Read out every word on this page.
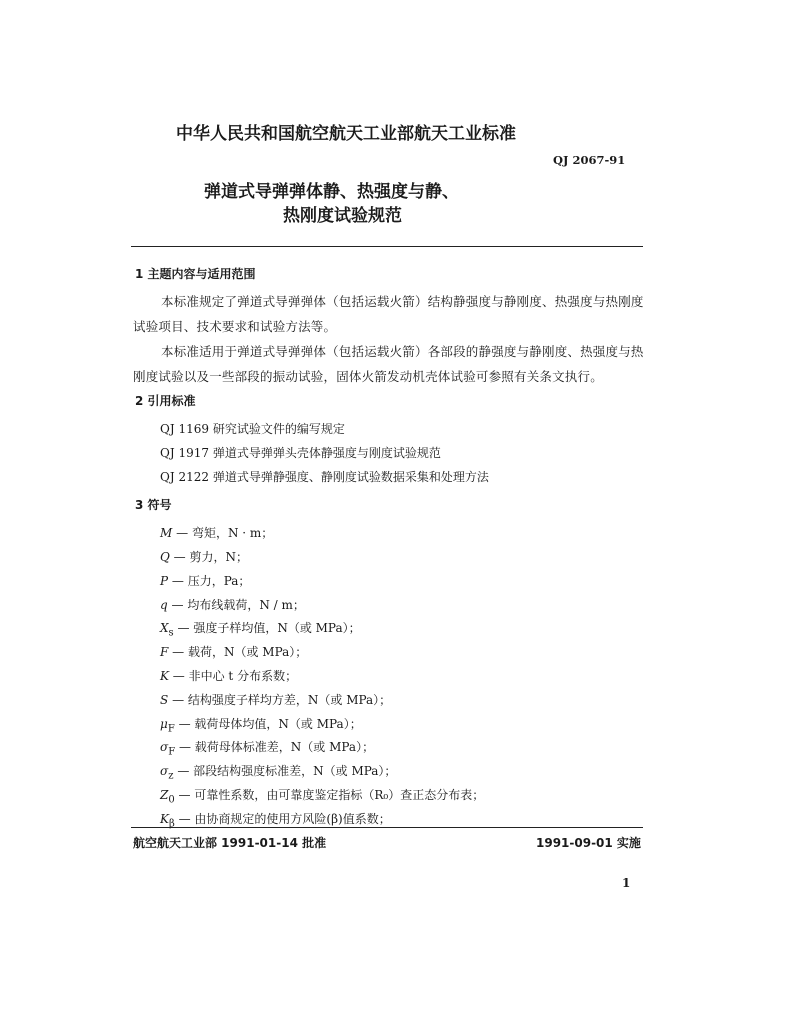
中华人民共和国航空航天工业部航天工业标准
QJ 2067-91
弹道式导弹弹体静、热强度与静、
热刚度试验规范
1 主题内容与适用范围
本标准规定了弹道式导弹弹体（包括运载火箭）结构静强度与静刚度、热强度与热刚度试验项目、技术要求和试验方法等。
本标准适用于弹道式导弹弹体（包括运载火箭）各部段的静强度与静刚度、热强度与热刚度试验以及一些部段的振动试验，固体火箭发动机壳体试验可参照有关条文执行。
2 引用标准
QJ 1169 研究试验文件的编写规定
QJ 1917 弹道式导弹弹头壳体静强度与刚度试验规范
QJ 2122 弹道式导弹静强度、静刚度试验数据采集和处理方法
3 符号
M — 弯矩，N · m；
Q — 剪力，N；
P — 压力，Pa；
q — 均布线载荷，N / m；
$X_s$ — 强度子样均值，N（或 MPa）；
F — 载荷，N（或 MPa）；
K — 非中心 t 分布系数；
S — 结构强度子样均方差，N（或 MPa）；
$\mu_F$ — 载荷母体均值，N（或 MPa）；
$\sigma_F$ — 载荷母体标准差，N（或 MPa）；
$\sigma_z$ — 部段结构强度标准差，N（或 MPa）；
$Z_0$ — 可靠性系数，由可靠度鉴定指标（R₀）查正态分布表；
$K_\beta$ — 由协商规定的使用方风险(β)值系数；
航空航天工业部 1991-01-14 批准	1991-09-01 实施
1
